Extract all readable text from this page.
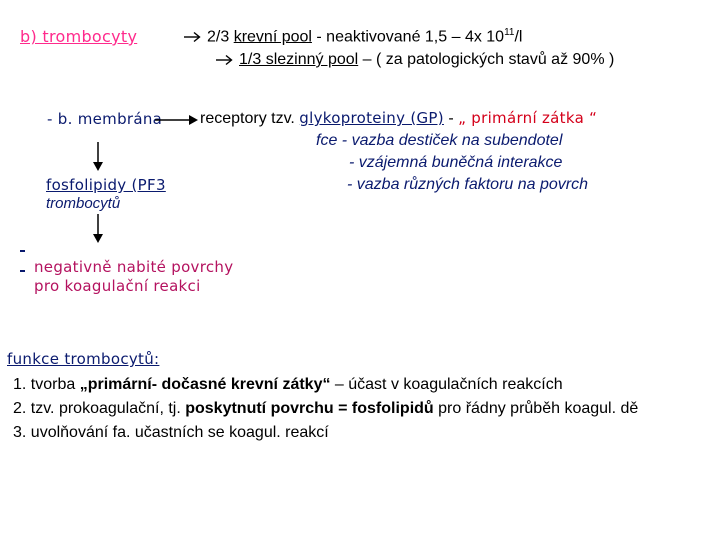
b) trombocyty	2/3 krevní pool - neaktivované 1,5 – 4x $10^{11}/l$
1/3 slezinný pool – ( za patologických stavů až 90% )
- b. membrána receptory tzv. glykoproteiny (GP) - „ primární zátka “
fce - vazba destiček na subendotel
- vzájemná buněčná interakce
- vazba různých faktoru na povrch
fosfolipidy (PF3
trombocytů
negativně nabité povrchy
pro koagulační reakci
funkce trombocytů:
1. tvorba „primární- dočasné krevní zátky“ – účast v koagulačních reakcích
2. tzv. prokoagulační, tj. poskytnutí povrchu = fosfolipidů pro řádny průběh koagul. dě
3. uvolňování fa. učastních se koagul. reakcí
